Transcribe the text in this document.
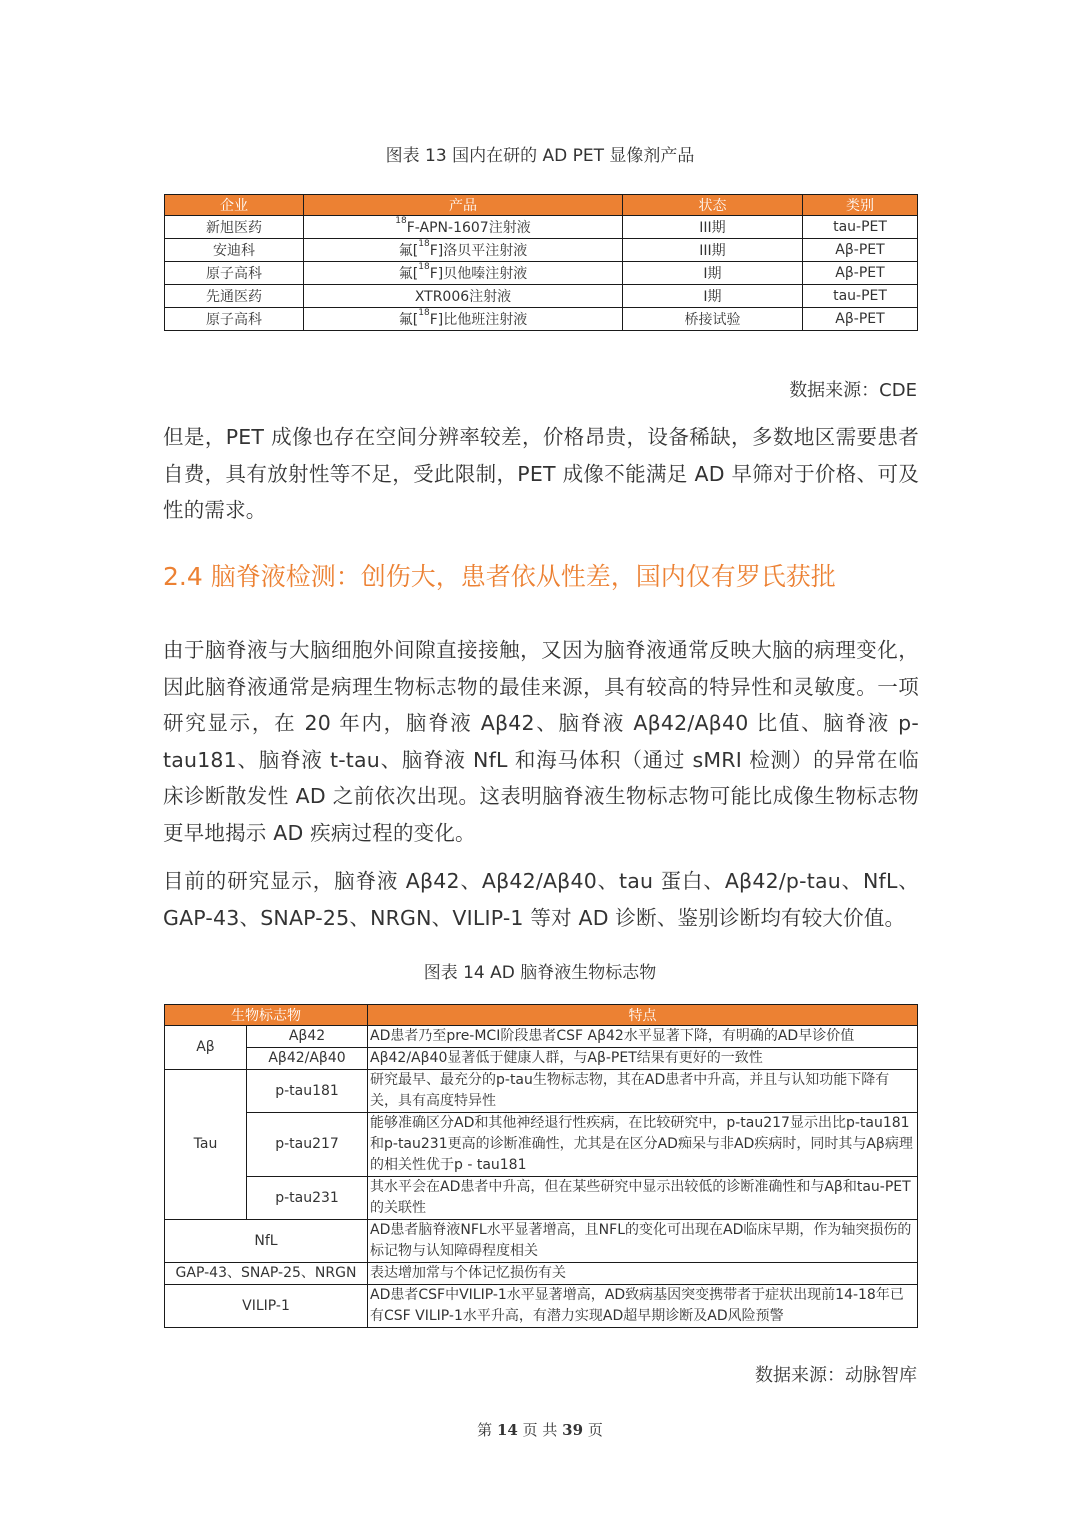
图表 13 国内在研的 AD PET 显像剂产品
企业	产品	状态	类别
新旭医药	$^{18}$F-APN-1607注射液	III期	tau-PET
安迪科	氟[$^{18}$F]洛贝平注射液	III期	Aβ-PET
原子高科	氟[$^{18}$F]贝他嗪注射液	I期	Aβ-PET
先通医药	XTR006注射液	I期	tau-PET
原子高科	氟[$^{18}$F]比他班注射液	桥接试验	Aβ-PET
数据来源：CDE

但是，PET 成像也存在空间分辨率较差，价格昂贵，设备稀缺，多数地区需要患者自费，具有放射性等不足，受此限制，PET 成像不能满足 AD 早筛对于价格、可及性的需求。

2.4 脑脊液检测：创伤大，患者依从性差，国内仅有罗氏获批

由于脑脊液与大脑细胞外间隙直接接触，又因为脑脊液通常反映大脑的病理变化，因此脑脊液通常是病理生物标志物的最佳来源，具有较高的特异性和灵敏度。一项研究显示，在 20 年内，脑脊液 Aβ42、脑脊液 Aβ42/Aβ40 比值、脑脊液 p-tau181、脑脊液 t-tau、脑脊液 NfL 和海马体积（通过 sMRI 检测）的异常在临床诊断散发性 AD 之前依次出现。这表明脑脊液生物标志物可能比成像生物标志物更早地揭示 AD 疾病过程的变化。

目前的研究显示，脑脊液 Aβ42、Aβ42/Aβ40、tau 蛋白、Aβ42/p-tau、NfL、GAP-43、SNAP-25、NRGN、VILIP-1 等对 AD 诊断、鉴别诊断均有较大价值。

图表 14 AD 脑脊液生物标志物
生物标志物		特点
Aβ	Aβ42	AD患者乃至pre-MCI阶段患者CSF Aβ42水平显著下降，有明确的AD早诊价值
	Aβ42/Aβ40	Aβ42/Aβ40显著低于健康人群，与Aβ-PET结果有更好的一致性
Tau	p-tau181	研究最早、最充分的p-tau生物标志物，其在AD患者中升高，并且与认知功能下降有关，具有高度特异性
	p-tau217	能够准确区分AD和其他神经退行性疾病，在比较研究中，p-tau217显示出比p-tau181和p-tau231更高的诊断准确性，尤其是在区分AD痴呆与非AD疾病时，同时其与Aβ病理的相关性优于p - tau181
	p-tau231	其水平会在AD患者中升高，但在某些研究中显示出较低的诊断准确性和与Aβ和tau-PET的关联性
NfL		AD患者脑脊液NFL水平显著增高，且NFL的变化可出现在AD临床早期，作为轴突损伤的标记物与认知障碍程度相关
GAP-43、SNAP-25、NRGN		表达增加常与个体记忆损伤有关
VILIP-1		AD患者CSF中VILIP-1水平显著增高，AD致病基因突变携带者于症状出现前14-18年已有CSF VILIP-1水平升高，有潜力实现AD超早期诊断及AD风险预警
数据来源：动脉智库
第 14 页 共 39 页
